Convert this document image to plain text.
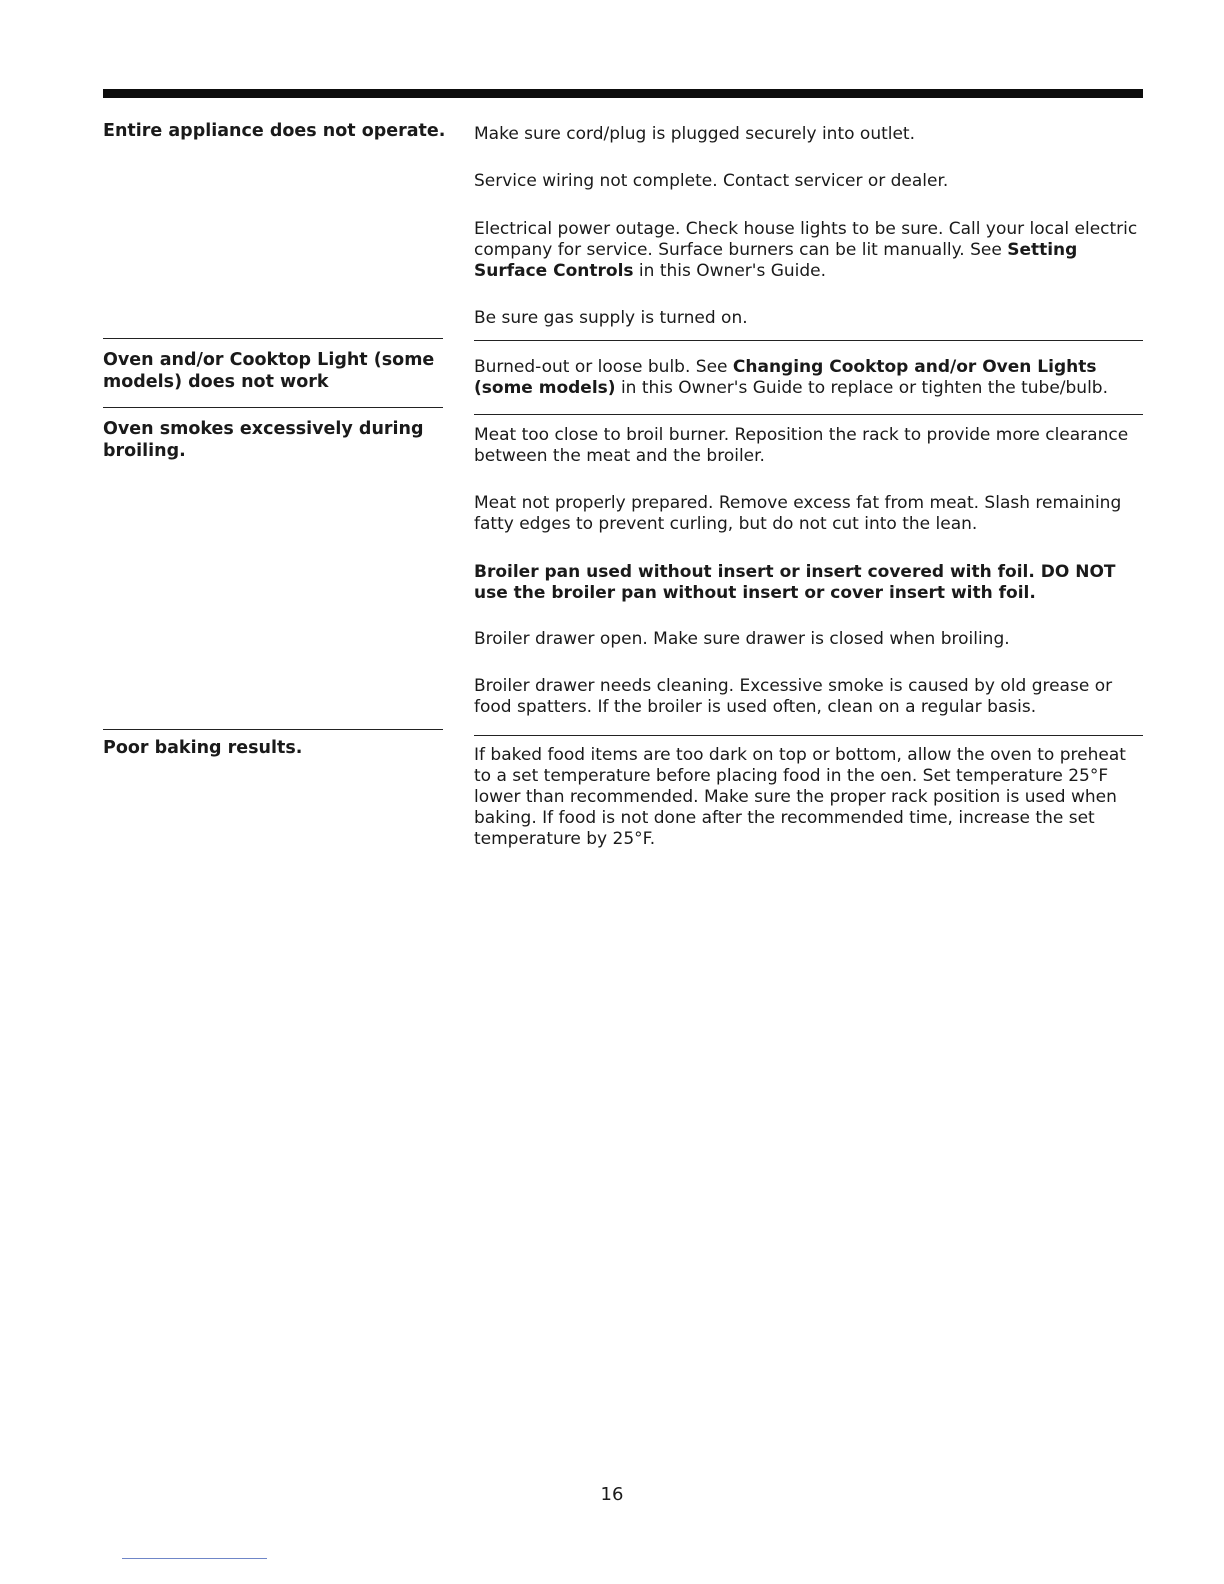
Entire appliance does not operate. Make sure cord/plug is plugged securely into outlet.
Service wiring not complete. Contact servicer or dealer.
Electrical power outage. Check house lights to be sure. Call your local electric company for service. Surface burners can be lit manually. See Setting Surface Controls in this Owner's Guide.
Be sure gas supply is turned on.
Oven and/or Cooktop Light (some models) does not work
Burned-out or loose bulb. See Changing Cooktop and/or Oven Lights (some models) in this Owner's Guide to replace or tighten the tube/bulb.
Oven smokes excessively during broiling.
Meat too close to broil burner. Reposition the rack to provide more clearance between the meat and the broiler.
Meat not properly prepared. Remove excess fat from meat. Slash remaining fatty edges to prevent curling, but do not cut into the lean.
Broiler pan used without insert or insert covered with foil. DO NOT use the broiler pan without insert or cover insert with foil.
Broiler drawer open. Make sure drawer is closed when broiling.
Broiler drawer needs cleaning. Excessive smoke is caused by old grease or food spatters. If the broiler is used often, clean on a regular basis.
Poor baking results.	If baked food items are too dark on top or bottom, allow the oven to preheat to a set temperature before placing food in the oen. Set temperature 25°F lower than recommended. Make sure the proper rack position is used when baking. If food is not done after the recommended time, increase the set temperature by 25°F.
16
